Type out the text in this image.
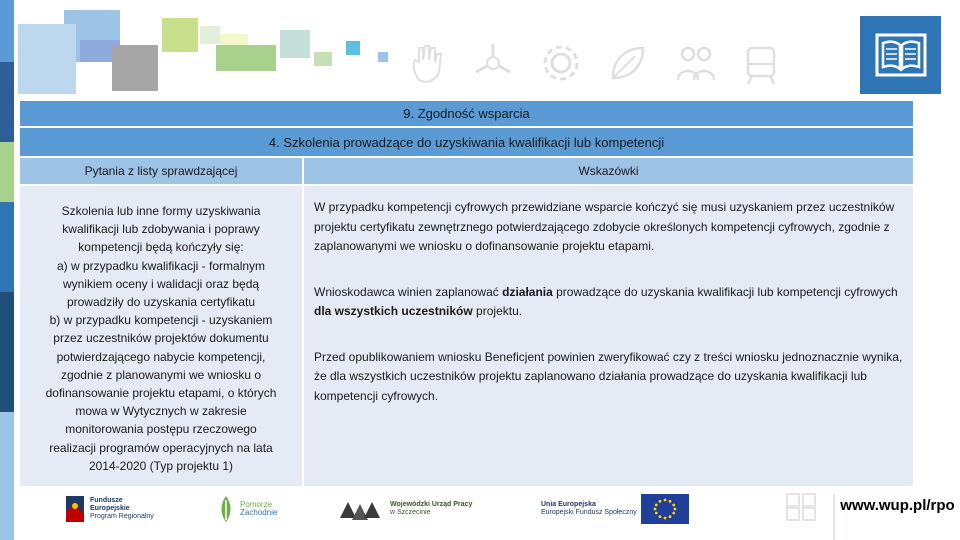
9. Zgodność wsparcia
4. Szkolenia prowadzące do uzyskiwania kwalifikacji lub kompetencji
Pytania z listy sprawdzającej	Wskazówki
Szkolenia lub inne formy uzyskiwania
kwalifikacji lub zdobywania i poprawy
kompetencji będą kończyły się:
a) w przypadku kwalifikacji - formalnym
wynikiem oceny i walidacji oraz będą
prowadziły do uzyskania certyfikatu
b) w przypadku kompetencji - uzyskaniem
przez uczestników projektów dokumentu
potwierdzającego nabycie kompetencji,
zgodnie z planowanymi we wniosku o
dofinansowanie projektu etapami, o których
mowa w Wytycznych w zakresie
monitorowania postępu rzeczowego
realizacji programów operacyjnych na lata
2014-2020 (Typ projektu 1)

W przypadku kompetencji cyfrowych przewidziane wsparcie kończyć się musi uzyskaniem przez uczestników projektu certyfikatu zewnętrznego potwierdzającego zdobycie określonych kompetencji cyfrowych, zgodnie z zaplanowanymi we wniosku o dofinansowanie projektu etapami.

Wnioskodawca winien zaplanować działania prowadzące do uzyskania kwalifikacji lub kompetencji cyfrowych dla wszystkich uczestników projektu.

Przed opublikowaniem wniosku Beneficjent powinien zweryfikować czy z treści wniosku jednoznacznie wynika, że dla wszystkich uczestników projektu zaplanowano działania prowadzące do uzyskania kwalifikacji lub kompetencji cyfrowych.

Fundusze
Europejskie
Program Regionalny
Pomorze
Zachodnie
Wojewódzki Urząd Pracy
w Szczecinie
Unia Europejska
Europejski Fundusz Społeczny	www.wup.pl/rpo
